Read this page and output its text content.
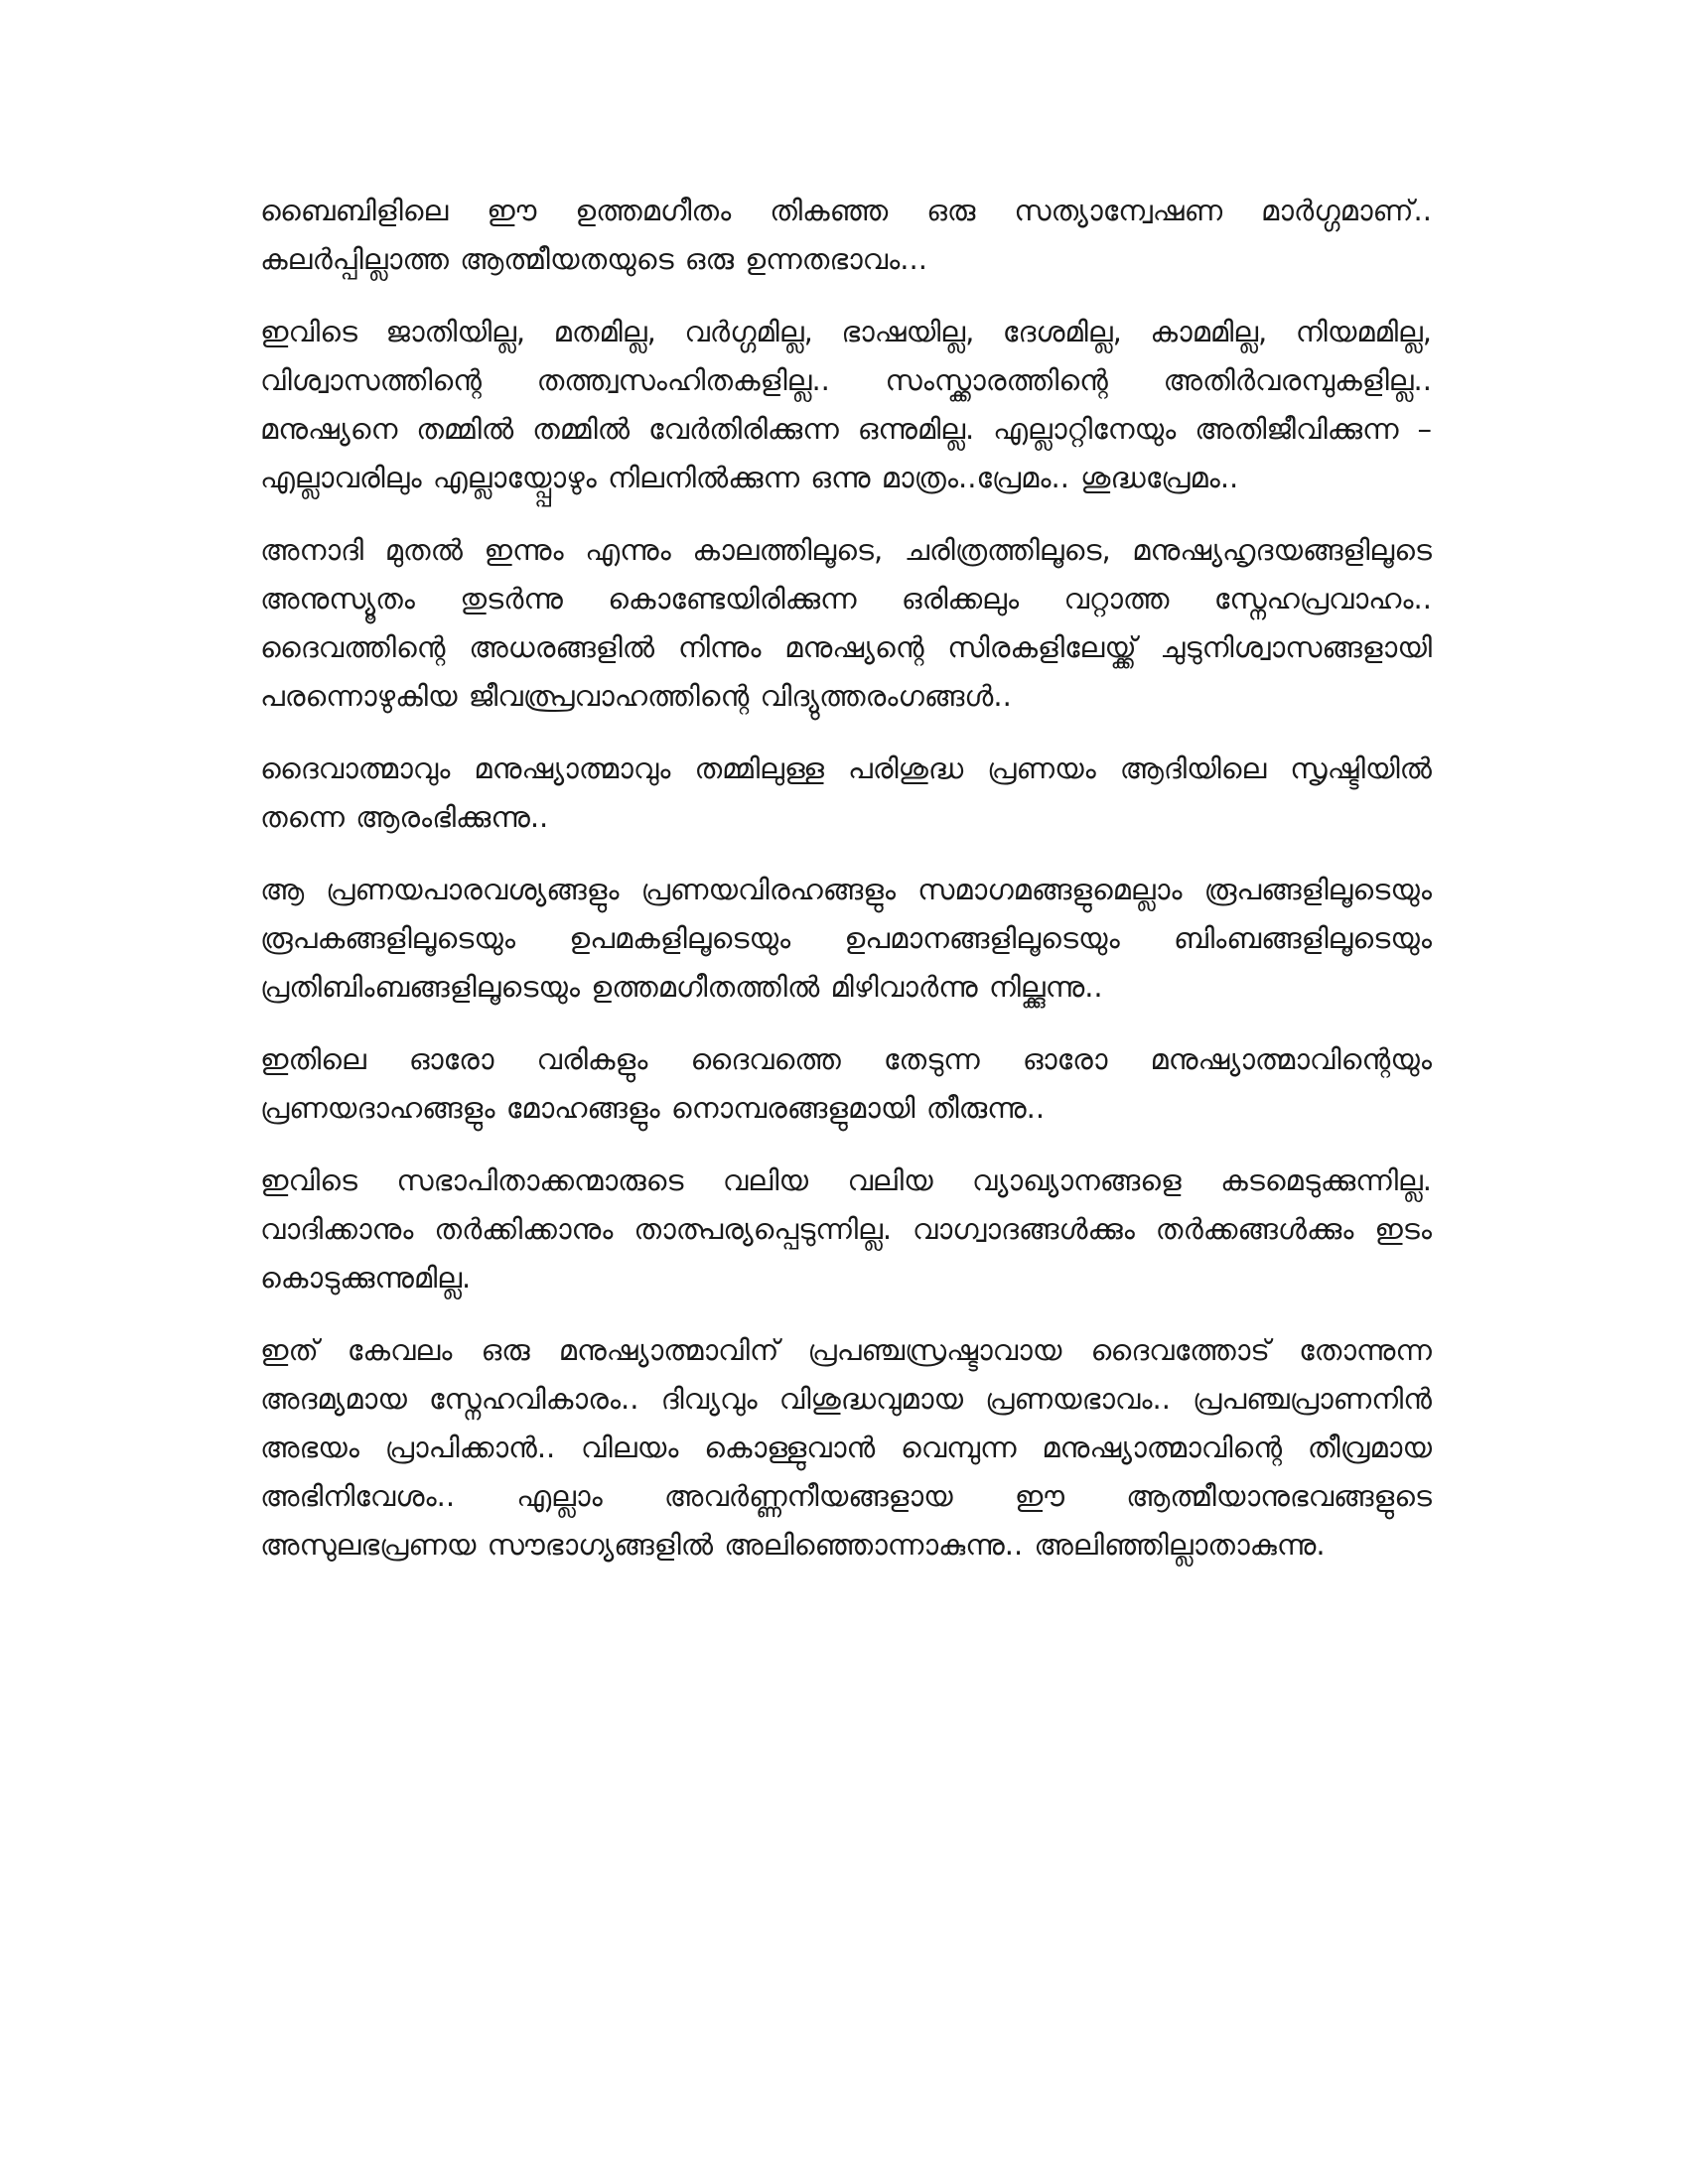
ബൈബിളിലെ ഈ ഉത്തമഗീതം തികഞ്ഞ ഒരു സത്യാന്വേഷണ മാർഗ്ഗമാണ്.. കലർപ്പില്ലാത്ത ആത്മീയതയുടെ ഒരു ഉന്നതഭാവം...

ഇവിടെ ജാതിയില്ല, മതമില്ല, വർഗ്ഗമില്ല, ഭാഷയില്ല, ദേശമില്ല, കാമമില്ല, നിയമമില്ല, വിശ്വാസത്തിന്റെ തത്ത്വസംഹിതകളില്ല.. സംസ്ക്കാരത്തിന്റെ അതിർവരമ്പുകളില്ല.. മനുഷ്യനെ തമ്മിൽ തമ്മിൽ വേർതിരിക്കുന്ന ഒന്നുമില്ല. എല്ലാറ്റിനേയും അതിജീവിക്കുന്ന – എല്ലാവരിലും എല്ലായ്പ്പോഴും നിലനിൽക്കുന്ന ഒന്നു മാത്രം..പ്രേമം.. ശുദ്ധപ്രേമം..

അനാദി മുതൽ ഇന്നും എന്നും കാലത്തിലൂടെ, ചരിത്രത്തിലൂടെ, മനുഷ്യഹൃദയങ്ങളിലൂടെ അനുസ്യൂതം തുടർന്നു കൊണ്ടേയിരിക്കുന്ന ഒരിക്കലും വറ്റാത്ത സ്നേഹപ്രവാഹം.. ദൈവത്തിന്റെ അധരങ്ങളിൽ നിന്നും മനുഷ്യന്റെ സിരകളിലേയ്ക്ക് ചുടുനിശ്വാസങ്ങളായി പരന്നൊഴുകിയ ജീവത്പ്രവാഹത്തിന്റെ വിദ്യുത്തരംഗങ്ങൾ..

ദൈവാത്മാവും മനുഷ്യാത്മാവും തമ്മിലുള്ള പരിശുദ്ധ പ്രണയം ആദിയിലെ സൃഷ്ടിയിൽ തന്നെ ആരംഭിക്കുന്നു..

ആ പ്രണയപാരവശ്യങ്ങളും പ്രണയവിരഹങ്ങളും സമാഗമങ്ങളുമെല്ലാം രൂപങ്ങളിലൂടെയും രൂപകങ്ങളിലൂടെയും ഉപമകളിലൂടെയും ഉപമാനങ്ങളിലൂടെയും ബിംബങ്ങളിലൂടെയും പ്രതിബിംബങ്ങളിലൂടെയും ഉത്തമഗീതത്തിൽ മിഴിവാർന്നു നില്ക്കുന്നു..

ഇതിലെ ഓരോ വരികളും ദൈവത്തെ തേടുന്ന ഓരോ മനുഷ്യാത്മാവിന്റെയും പ്രണയദാഹങ്ങളും മോഹങ്ങളും നൊമ്പരങ്ങളുമായി തീരുന്നു..

ഇവിടെ സഭാപിതാക്കന്മാരുടെ വലിയ വലിയ വ്യാഖ്യാനങ്ങളെ കടമെടുക്കുന്നില്ല. വാദിക്കാനും തർക്കിക്കാനും താത്പര്യപ്പെടുന്നില്ല. വാഗ്വാദങ്ങൾക്കും തർക്കങ്ങൾക്കും ഇടം കൊടുക്കുന്നുമില്ല.

ഇത് കേവലം ഒരു മനുഷ്യാത്മാവിന് പ്രപഞ്ചസ്രഷ്ടാവായ ദൈവത്തോട് തോന്നുന്ന അദമ്യമായ സ്നേഹവികാരം.. ദിവ്യവും വിശുദ്ധവുമായ പ്രണയഭാവം.. പ്രപഞ്ചപ്രാണനിൻ അഭയം പ്രാപിക്കാൻ.. വിലയം കൊള്ളുവാൻ വെമ്പുന്ന മനുഷ്യാത്മാവിന്റെ തീവ്രമായ അഭിനിവേശം.. എല്ലാം അവർണ്ണനീയങ്ങളായ ഈ ആത്മീയാനുഭവങ്ങളുടെ അസുലഭപ്രണയ സൗഭാഗ്യങ്ങളിൽ അലിഞ്ഞൊന്നാകുന്നു.. അലിഞ്ഞില്ലാതാകുന്നു.
